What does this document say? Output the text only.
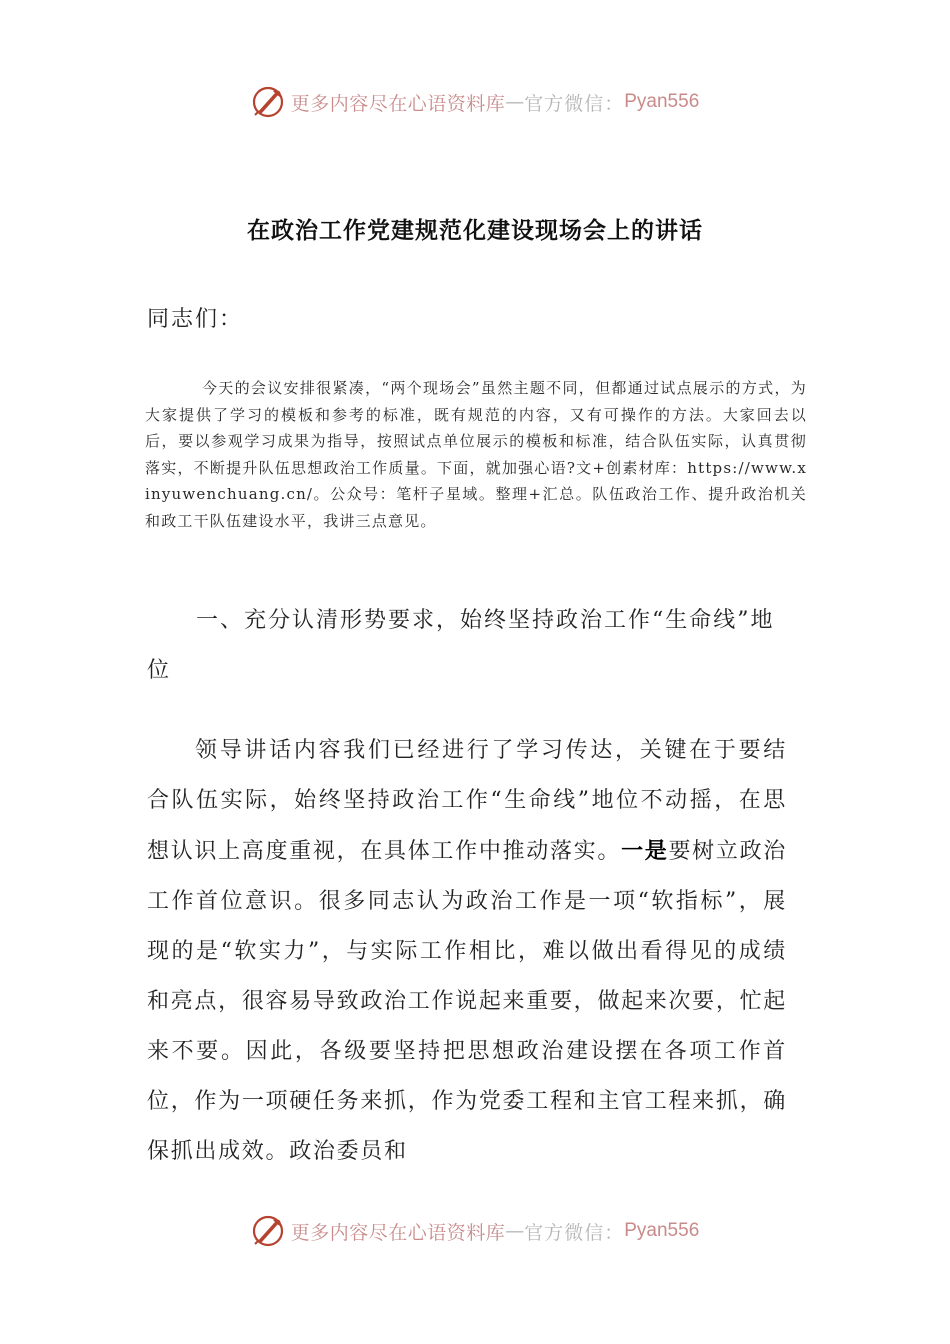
更多内容尽在心语资料库 — 官方微信： Pyan556
在政治工作党建规范化建设现场会上的讲话
同志们：
今天的会议安排很紧凑，“两个现场会”虽然主题不同，但都通过试点展示的方式，为大家提供了学习的模板和参考的标准，既有规范的内容，又有可操作的方法。大家回去以后，要以参观学习成果为指导，按照试点单位展示的模板和标准，结合队伍实际，认真贯彻落实，不断提升队伍思想政治工作质量。下面，就加强心语?文+创素材库：https://www.xinyuwenchuang.cn/。公众号：笔杆子星域。整理+汇总。队伍政治工作、提升政治机关和政工干队伍建设水平，我讲三点意见。
一、充分认清形势要求，始终坚持政治工作“生命线”地位
领导讲话内容我们已经进行了学习传达，关键在于要结合队伍实际，始终坚持政治工作“生命线”地位不动摇，在思想认识上高度重视，在具体工作中推动落实。一是要树立政治工作首位意识。很多同志认为政治工作是一项“软指标”，展现的是“软实力”，与实际工作相比，难以做出看得见的成绩和亮点，很容易导致政治工作说起来重要，做起来次要，忙起来不要。因此，各级要坚持把思想政治建设摆在各项工作首位，作为一项硬任务来抓，作为党委工程和主官工程来抓，确保抓出成效。政治委员和
更多内容尽在心语资料库 — 官方微信： Pyan556
